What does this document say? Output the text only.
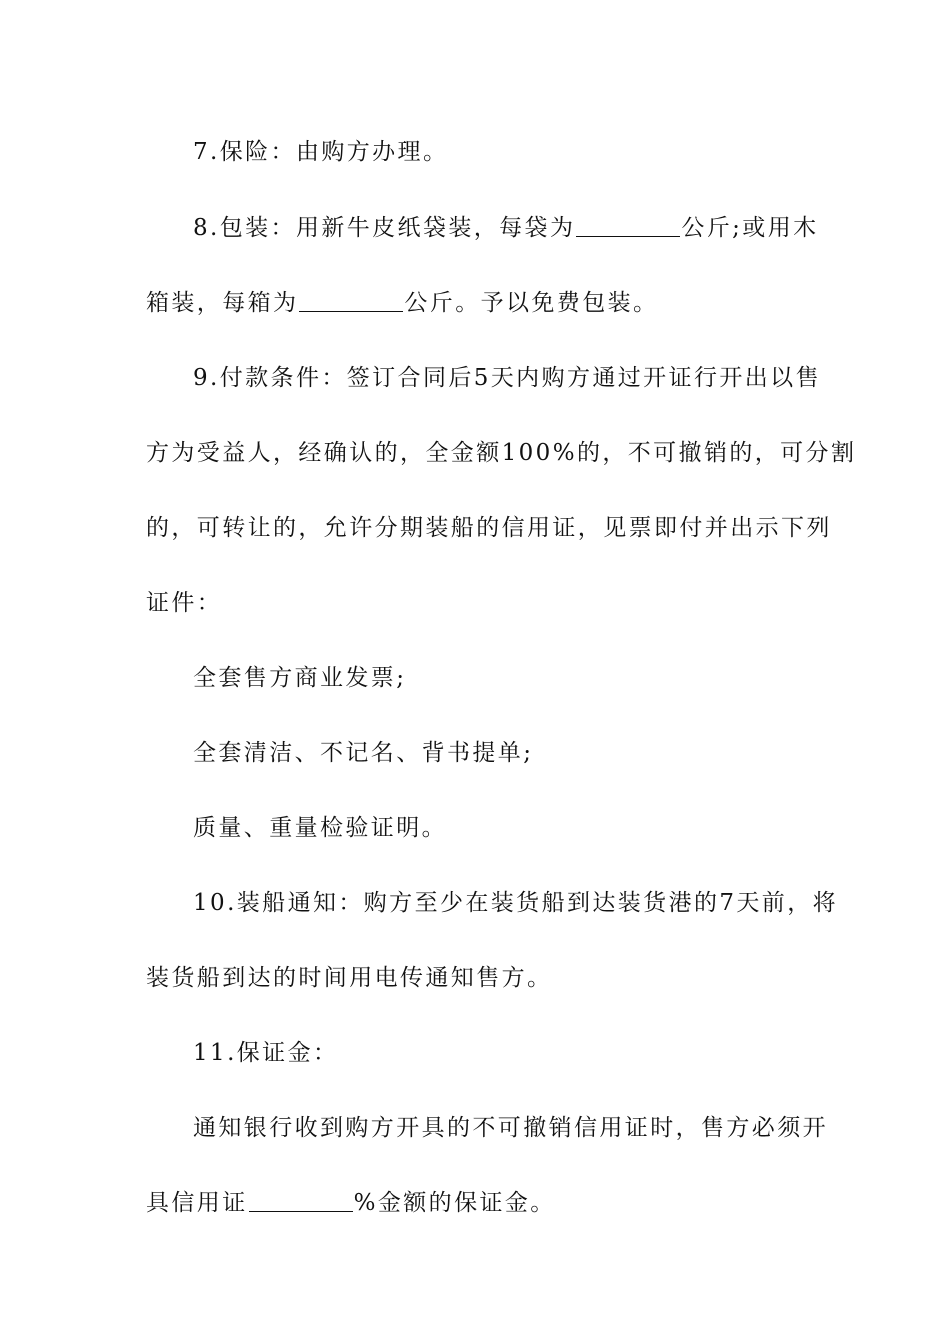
7.保险：由购方办理。
8.包装：用新牛皮纸袋装，每袋为	公斤;或用木
箱装，每箱为	公斤。予以免费包装。
9.付款条件：签订合同后5天内购方通过开证行开出以售
方为受益人，经确认的，全金额100%的，不可撤销的，可分割
的，可转让的，允许分期装船的信用证，见票即付并出示下列
证件：
全套售方商业发票;
全套清洁、不记名、背书提单;
质量、重量检验证明。
10.装船通知：购方至少在装货船到达装货港的7天前，将
装货船到达的时间用电传通知售方。
11.保证金：
通知银行收到购方开具的不可撤销信用证时，售方必须开
具信用证	%金额的保证金。
